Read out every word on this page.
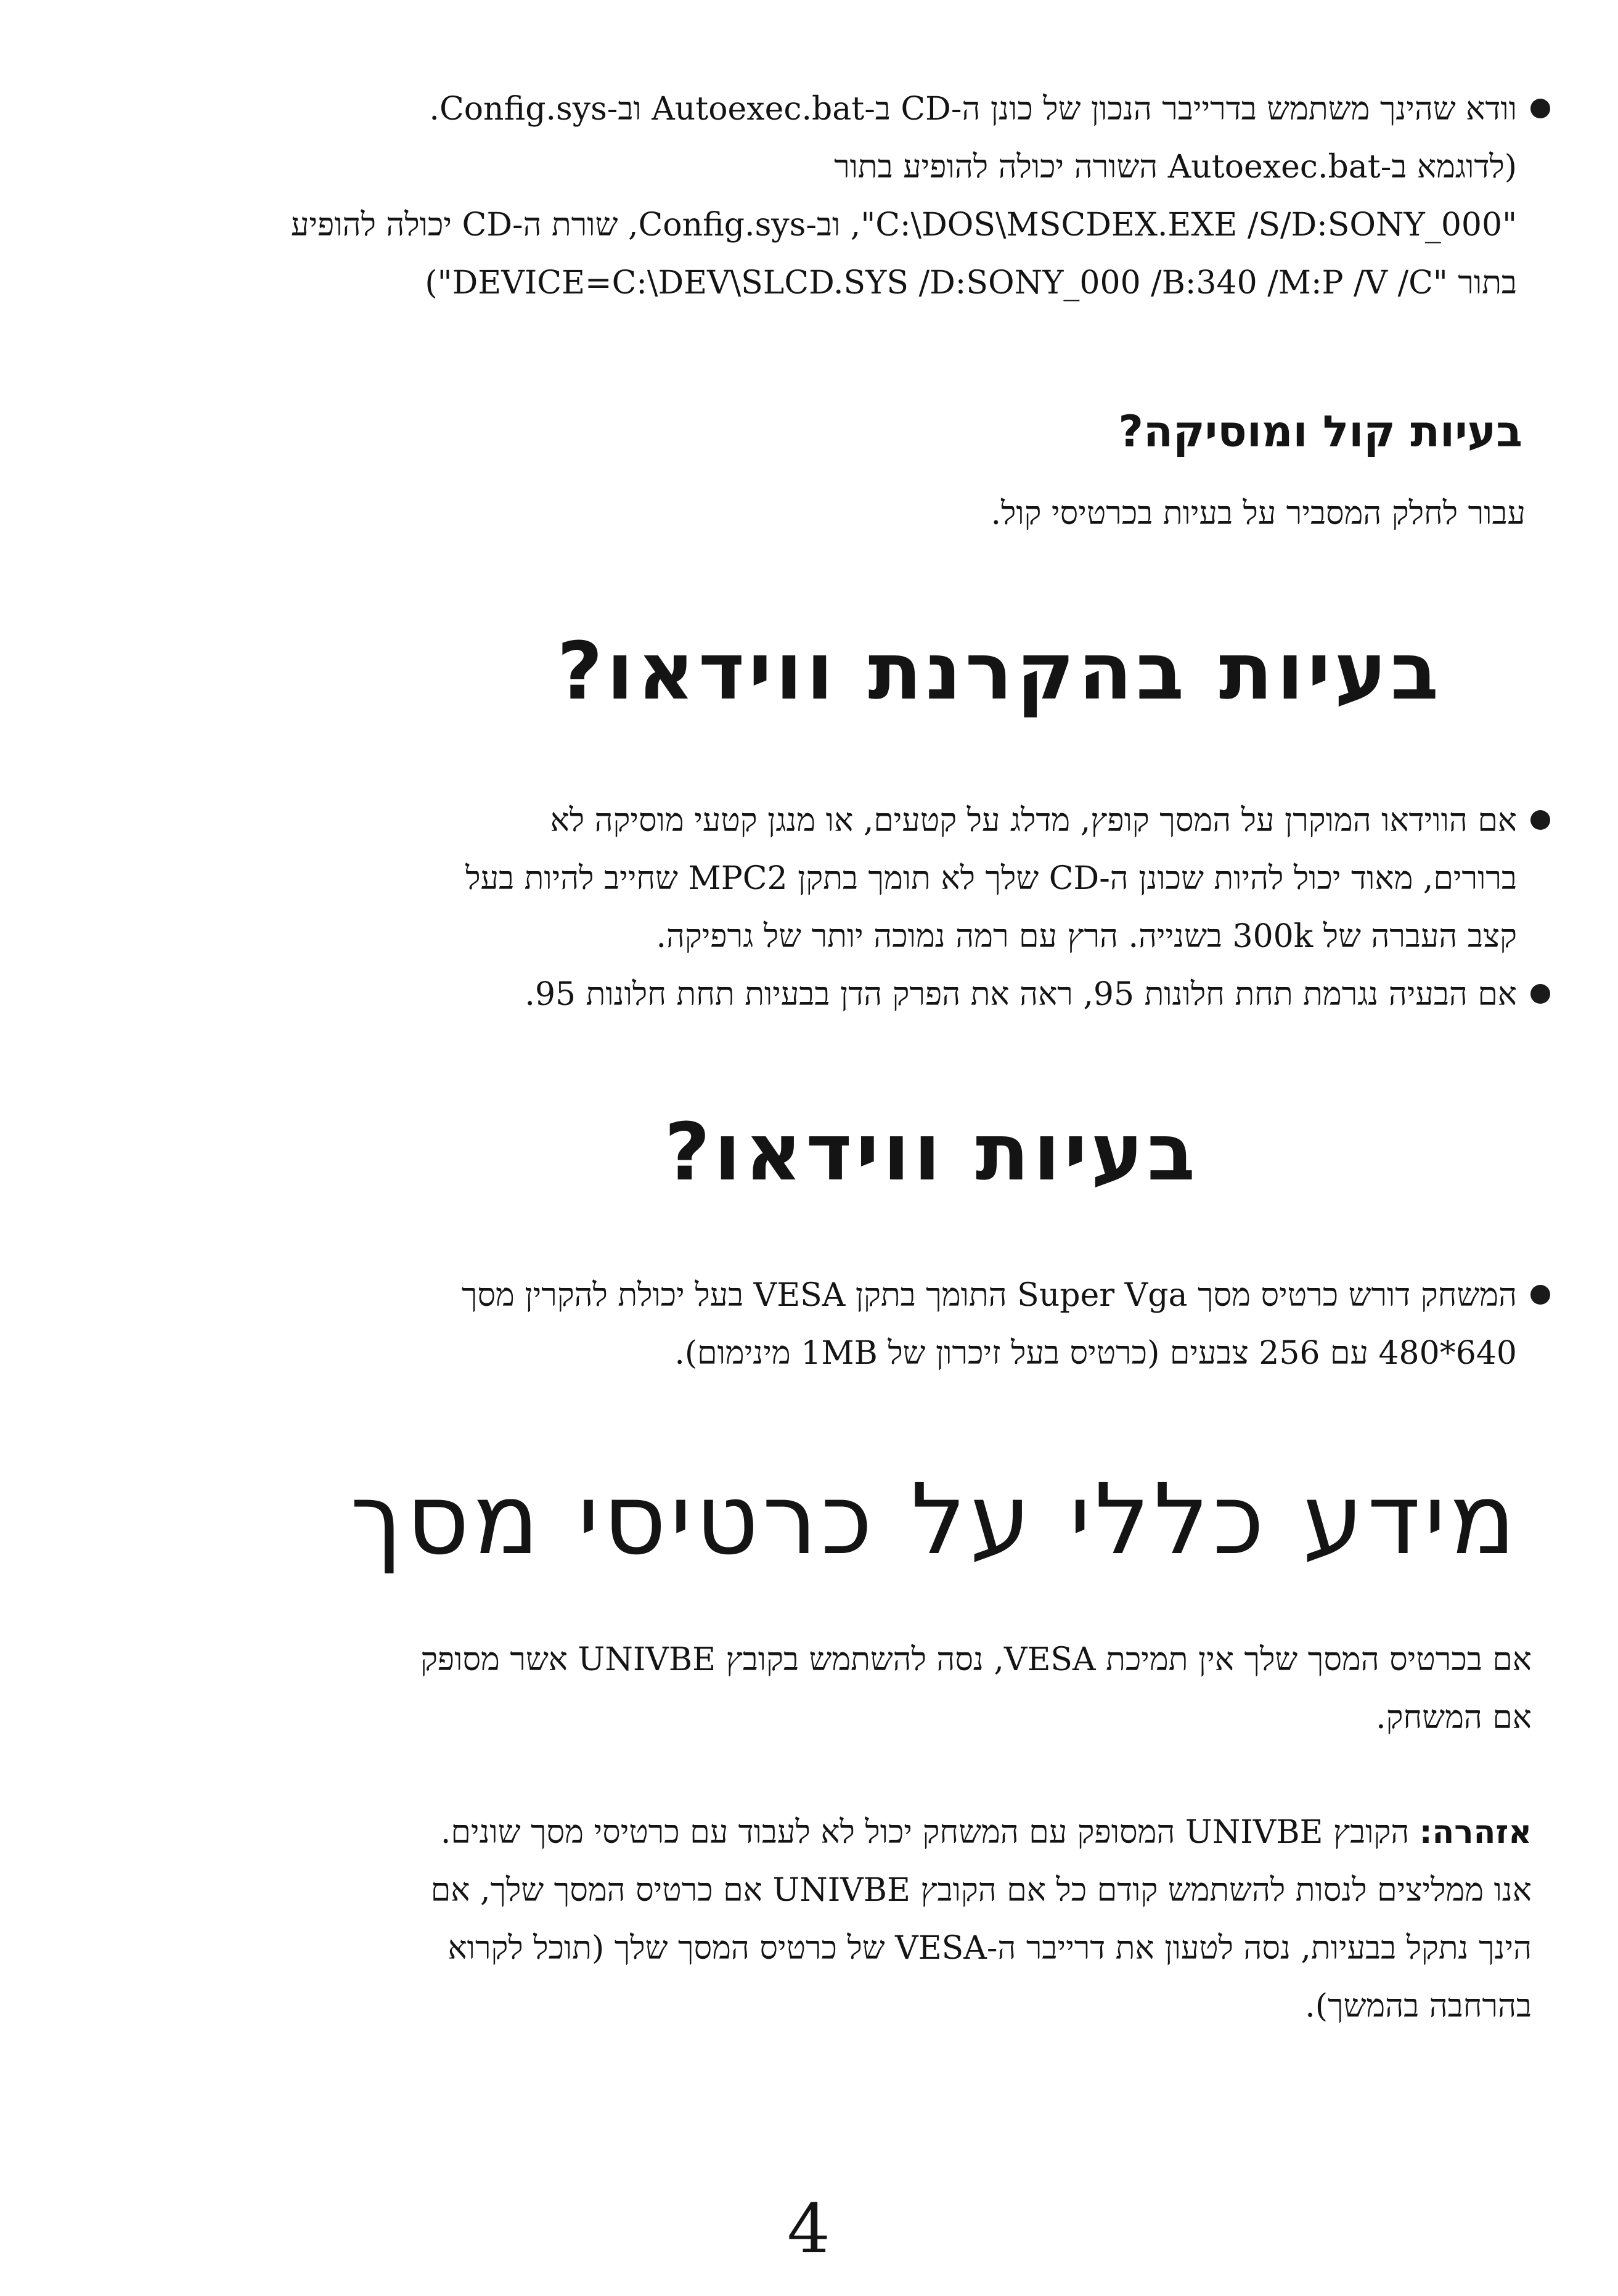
וודא שהינך משתמש בדרייבר הנכון של כונן ה-CD ב-Autoexec.bat וב-Config.sys.
(לדוגמא ב-Autoexec.bat השורה יכולה להופיע בתור
"C:\DOS\MSCDEX.EXE /S/D:SONY_000", וב-Config.sys, שורת ה-CD יכולה להופיע
בתור "DEVICE=C:\DEV\SLCD.SYS /D:SONY_000 /B:340 /M:P /V /C")
בעיות קול ומוסיקה?

עבור לחלק המסביר על בעיות בכרטיסי קול.

בעיות בהקרנת ווידאו?
אם הווידאו המוקרן על המסך קופץ, מדלג על קטעים, או מנגן קטעי מוסיקה לא
ברורים, מאוד יכול להיות שכונן ה-CD שלך לא תומך בתקן MPC2 שחייב להיות בעל
קצב העברה של 300k בשנייה. הרץ עם רמה נמוכה יותר של גרפיקה.
אם הבעיה נגרמת תחת חלונות 95, ראה את הפרק הדן בבעיות תחת חלונות 95.
בעיות ווידאו?
המשחק דורש כרטיס מסך Super Vga התומך בתקן VESA בעל יכולת להקרין מסך
640*480 עם 256 צבעים (כרטיס בעל זיכרון של 1MB מינימום).
מידע כללי על כרטיסי מסך
אם בכרטיס המסך שלך אין תמיכת VESA, נסה להשתמש בקובץ UNIVBE אשר מסופק
אם המשחק.
אזהרה: הקובץ UNIVBE המסופק עם המשחק יכול לא לעבוד עם כרטיסי מסך שונים.
אנו ממליצים לנסות להשתמש קודם כל אם הקובץ UNIVBE אם כרטיס המסך שלך, אם
הינך נתקל בבעיות, נסה לטעון את דרייבר ה-VESA של כרטיס המסך שלך (תוכל לקרוא
בהרחבה בהמשך).
4
